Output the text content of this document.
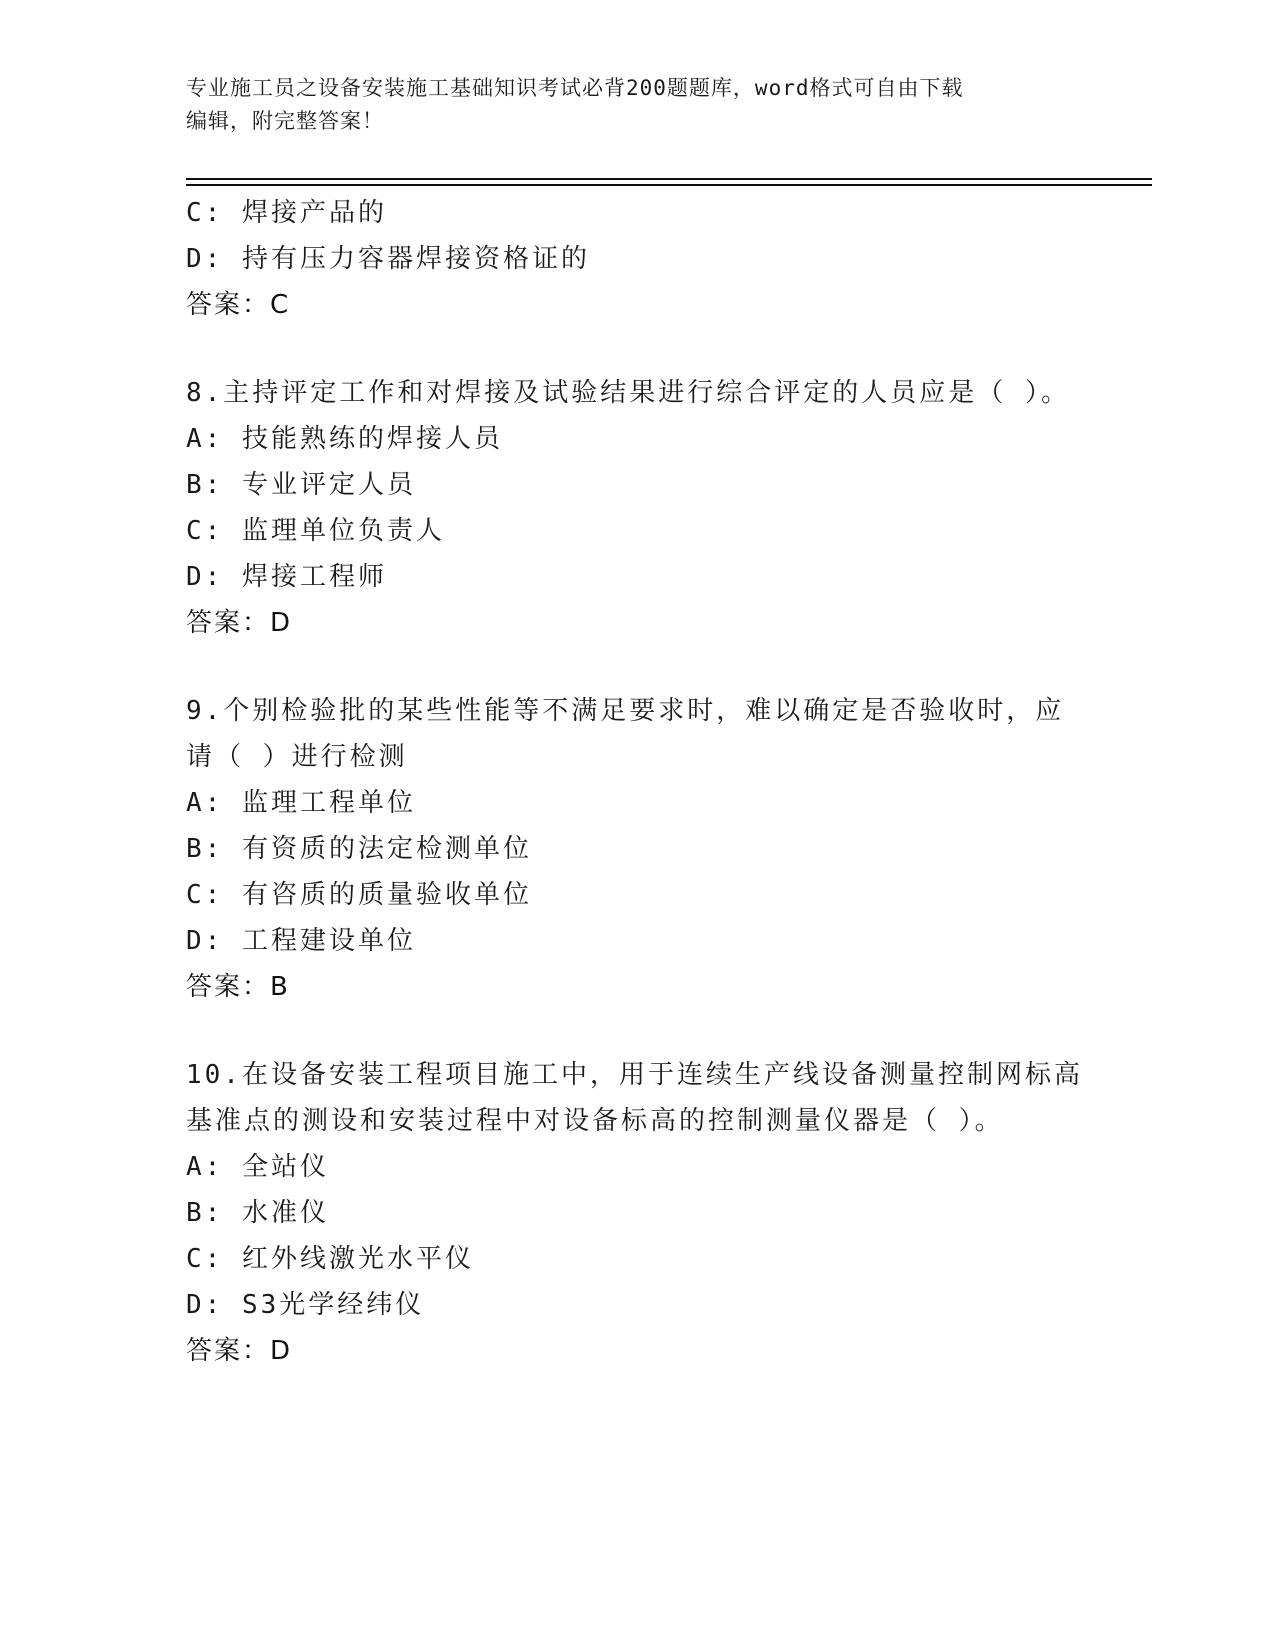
专业施工员之设备安装施工基础知识考试必背200题题库，word格式可自由下载
编辑，附完整答案！
C: 焊接产品的
D: 持有压力容器焊接资格证的
答案：C
8.主持评定工作和对焊接及试验结果进行综合评定的人员应是（ ）。
A: 技能熟练的焊接人员
B: 专业评定人员
C: 监理单位负责人
D: 焊接工程师
答案：D
9.个别检验批的某些性能等不满足要求时，难以确定是否验收时，应
请（ ）进行检测
A: 监理工程单位
B: 有资质的法定检测单位
C: 有咨质的质量验收单位
D: 工程建设单位
答案：B
10.在设备安装工程项目施工中，用于连续生产线设备测量控制网标高
基准点的测设和安装过程中对设备标高的控制测量仪器是（ ）。
A: 全站仪
B: 水准仪
C: 红外线激光水平仪
D: S3光学经纬仪
答案：D
